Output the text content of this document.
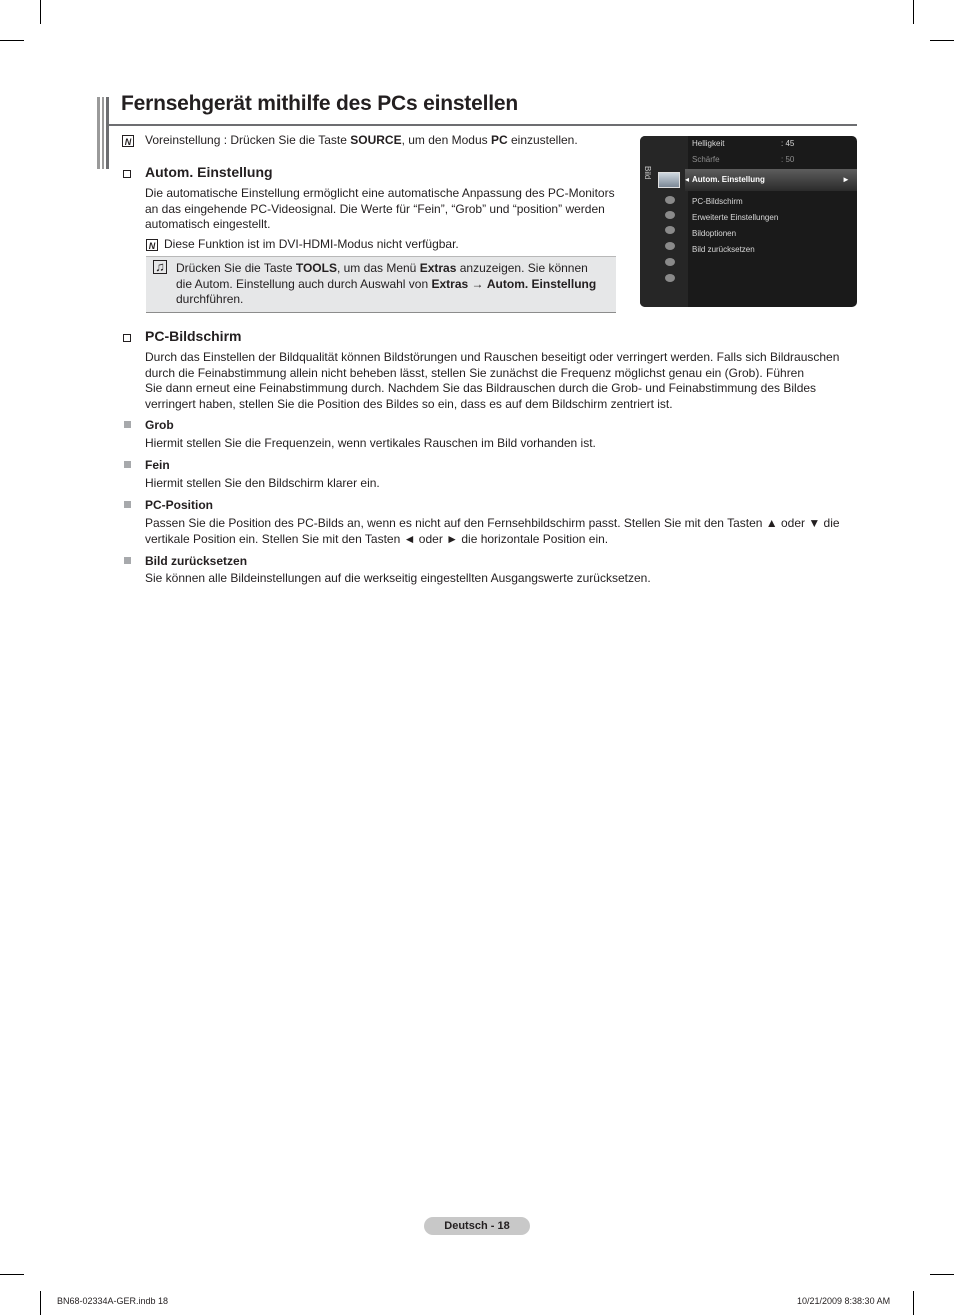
Fernsehgerät mithilfe des PCs einstellen
N Voreinstellung : Drücken Sie die Taste SOURCE, um den Modus PC einzustellen.
Autom. Einstellung
Die automatische Einstellung ermöglicht eine automatische Anpassung des PC-Monitors
an das eingehende PC-Videosignal. Die Werte für “Fein”, “Grob” und “position” werden
automatisch eingestellt.
N Diese Funktion ist im DVI-HDMI-Modus nicht verfügbar.
♫ Drücken Sie die Taste TOOLS, um das Menü Extras anzuzeigen. Sie können
die Autom. Einstellung auch durch Auswahl von Extras → Autom. Einstellung
durchführen.
Bild
Helligkeit	: 45
Schärfe	: 50
◂ Autom. Einstellung	►
PC-Bildschirm
Erweiterte Einstellungen
Bildoptionen
Bild zurücksetzen
PC-Bildschirm
Durch das Einstellen der Bildqualität können Bildstörungen und Rauschen beseitigt oder verringert werden. Falls sich Bildrauschen
durch die Feinabstimmung allein nicht beheben lässt, stellen Sie zunächst die Frequenz möglichst genau ein (Grob). Führen
Sie dann erneut eine Feinabstimmung durch. Nachdem Sie das Bildrauschen durch die Grob- und Feinabstimmung des Bildes
verringert haben, stellen Sie die Position des Bildes so ein, dass es auf dem Bildschirm zentriert ist.
Grob
Hiermit stellen Sie die Frequenzein, wenn vertikales Rauschen im Bild vorhanden ist.
Fein
Hiermit stellen Sie den Bildschirm klarer ein.
PC-Position
Passen Sie die Position des PC-Bilds an, wenn es nicht auf den Fernsehbildschirm passt. Stellen Sie mit den Tasten ▲ oder ▼ die
vertikale Position ein. Stellen Sie mit den Tasten ◄ oder ► die horizontale Position ein.
Bild zurücksetzen
Sie können alle Bildeinstellungen auf die werkseitig eingestellten Ausgangswerte zurücksetzen.
Deutsch - 18
BN68-02334A-GER.indb 18	10/21/2009 8:38:30 AM
